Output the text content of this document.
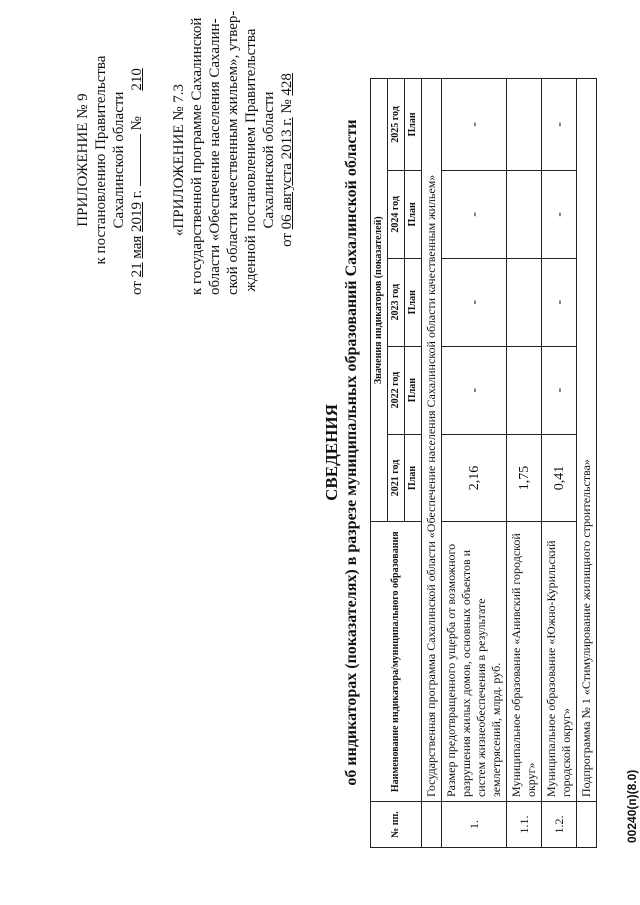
ПРИЛОЖЕНИЕ № 9 к постановлению Правительства Сахалинской области
от 21 мая 2019 г.  №  210
«ПРИЛОЖЕНИЕ № 7.3 к государственной программе Сахалинской области «Обеспечение населения Сахалин- ской области качественным жильем», утвер- жденной постановлением Правительства Сахалинской области
от 06 августа 2013 г. № 428
СВЕДЕНИЯ об индикаторах (показателях) в разрезе муниципальных образований Сахалинской области
№ пп.	Наименование индикатора/муниципального образования	Значения индикаторов (показателей)				
		2021 год	2022 год	2023 год	2024 год	2025 год
		План	План	План	План	План
	Государственная программа Сахалинской области «Обеспечение населения Сахалинской области качественным жильем»					
1.	Размер предотвращенного ущерба от возможного разрушения жилых домов, основных объектов и систем жизнеобеспечения в результате землетрясений, млрд. руб.	2,16	-	-	-	-
1.1.	Муниципальное образование «Анивский городской округ»	1,75				
1.2.	Муниципальное образование «Южно-Курильский городской округ»	0,41	-	-	-	-
	Подпрограмма № 1 «Стимулирование жилищного строительства»					
00240(п)(8.0)
